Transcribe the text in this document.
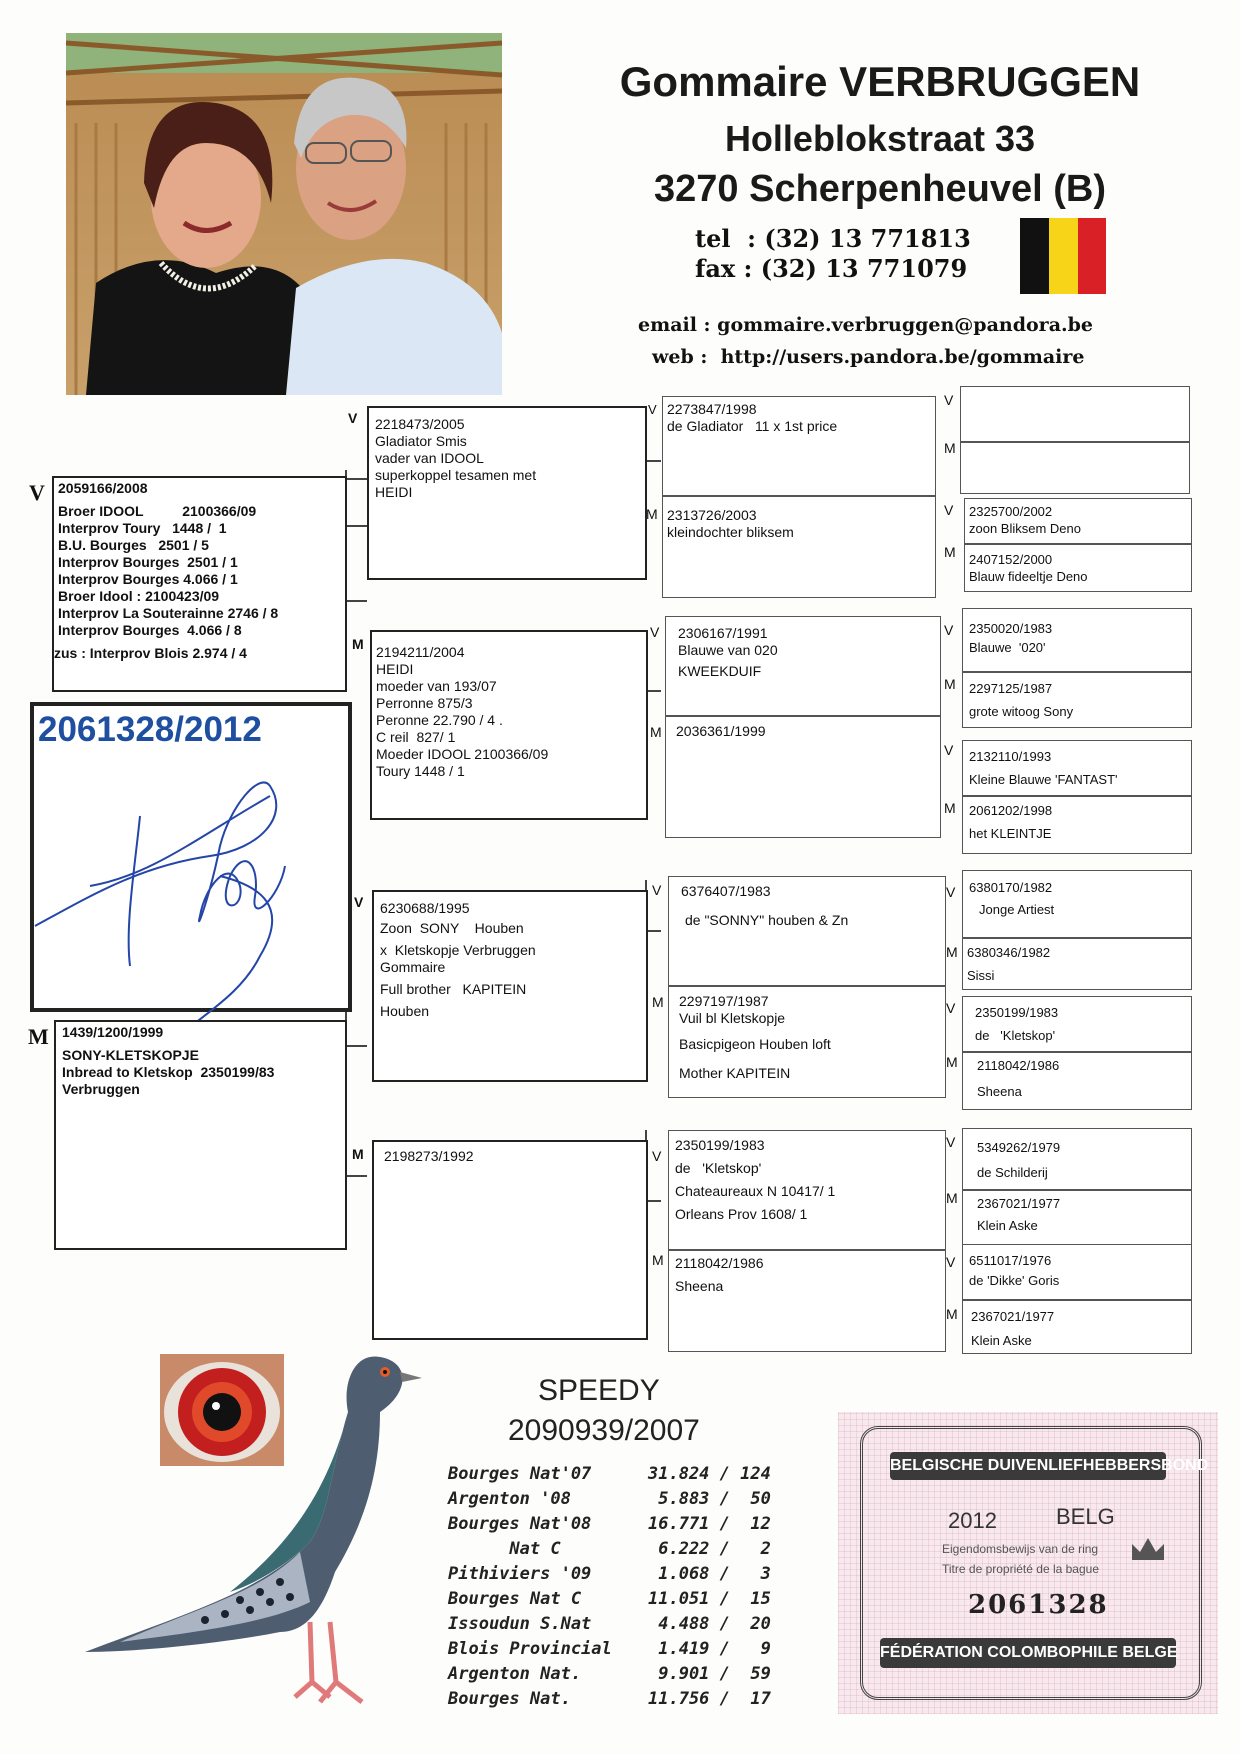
Gommaire VERBRUGGEN
Holleblokstraat 33
3270 Scherpenheuvel (B)
tel  : (32) 13 771813
fax : (32) 13 771079
email : gommaire.verbruggen@pandora.be
web :  http://users.pandora.be/gommaire
V 2059166/2008
Broer IDOOL          2100366/09
Interprov Toury   1448 /  1
B.U. Bourges   2501 / 5
Interprov Bourges  2501 / 1
Interprov Bourges 4.066 / 1
Broer Idool : 2100423/09
Interprov La Souterainne 2746 / 8
Interprov Bourges  4.066 / 8
zus : Interprov Blois 2.974 / 4
2061328/2012
M 1439/1200/1999
SONY-KLETSKOPJE
Inbread to Kletskop  2350199/83
Verbruggen
V 2218473/2005
Gladiator Smis
vader van IDOOL
superkoppel tesamen met
HEIDI
M 2194211/2004
HEIDI
moeder van 193/07
Perronne 875/3
Peronne 22.790 / 4 .
C reil  827/ 1
Moeder IDOOL 2100366/09
Toury 1448 / 1
V 6230688/1995
Zoon  SONY    Houben
x  Kletskopje Verbruggen
Gommaire
Full brother   KAPITEIN
Houben
M 2198273/1992
2273847/1998
de Gladiator   11 x 1st price
V
2313726/2003
kleindochter bliksem
M
2306167/1991
Blauwe van 020
KWEEKDUIF
V
2036361/1999
M
6376407/1983
de "SONNY" houben & Zn
V
2297197/1987
Vuil bl Kletskopje
Basicpigeon Houben loft
Mother KAPITEIN
M
2350199/1983
de   'Kletskop'
Chateaureaux N 10417/ 1
Orleans Prov 1608/ 1
V
2118042/1986
Sheena
M
V
M
2325700/2002
zoon Bliksem Deno
V
2407152/2000
Blauw fideeltje Deno
M
2350020/1983
Blauwe  '020'
V
2297125/1987
grote witoog Sony
M
2132110/1993
Kleine Blauwe 'FANTAST'
V
2061202/1998
het KLEINTJE
M
6380170/1982
Jonge Artiest
V
6380346/1982
Sissi
M
2350199/1983
de   'Kletskop'
V
2118042/1986
Sheena
M
5349262/1979
de Schilderij
V
2367021/1977
Klein Aske
M
6511017/1976
de 'Dikke' Goris
V
2367021/1977
Klein Aske
M
SPEEDY
2090939/2007
Bourges Nat'07	31.824 / 124
Argenton '08	5.883 /  50
Bourges Nat'08	16.771 /  12
Nat C	6.222 /   2
Pithiviers '09	1.068 /   3
Bourges Nat C	11.051 /  15
Issoudun S.Nat	4.488 /  20
Blois Provincial	1.419 /   9
Argenton Nat.	9.901 /  59
Bourges Nat.	11.756 /  17
BELGISCHE DUIVENLIEFHEBBERSBOND
2012	BELG
Eigendomsbewijs van de ring
Titre de propriété de la bague
2061328
FÉDÉRATION COLOMBOPHILE BELGE
